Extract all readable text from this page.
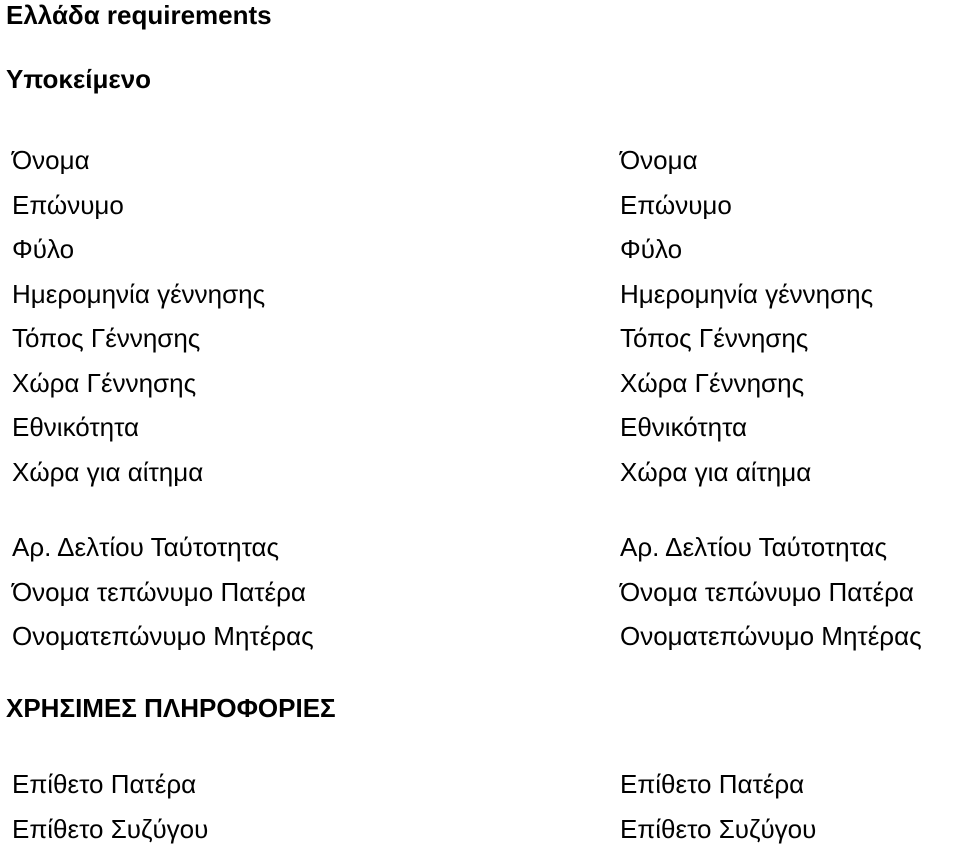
Ελλάδα requirements
Υποκείμενο
Όνομα
Επώνυμο
Φύλο
Ημερομηνία γέννησης
Τόπος Γέννησης
Χώρα Γέννησης
Εθνικότητα
Χώρα για αίτημα
Όνομα
Επώνυμο
Φύλο
Ημερομηνία γέννησης
Τόπος Γέννησης
Χώρα Γέννησης
Εθνικότητα
Χώρα για αίτημα
Αρ. Δελτίου Ταύτοτητας
Όνομα τεπώνυμο Πατέρα
Ονοματεπώνυμο Μητέρας
Αρ. Δελτίου Ταύτοτητας
Όνομα τεπώνυμο Πατέρα
Ονοματεπώνυμο Μητέρας
ΧΡΗΣΙΜΕΣ ΠΛΗΡΟΦΟΡΙΕΣ
Επίθετο Πατέρα
Επίθετο Συζύγου
Επίθετο Πατέρα
Επίθετο Συζύγου
